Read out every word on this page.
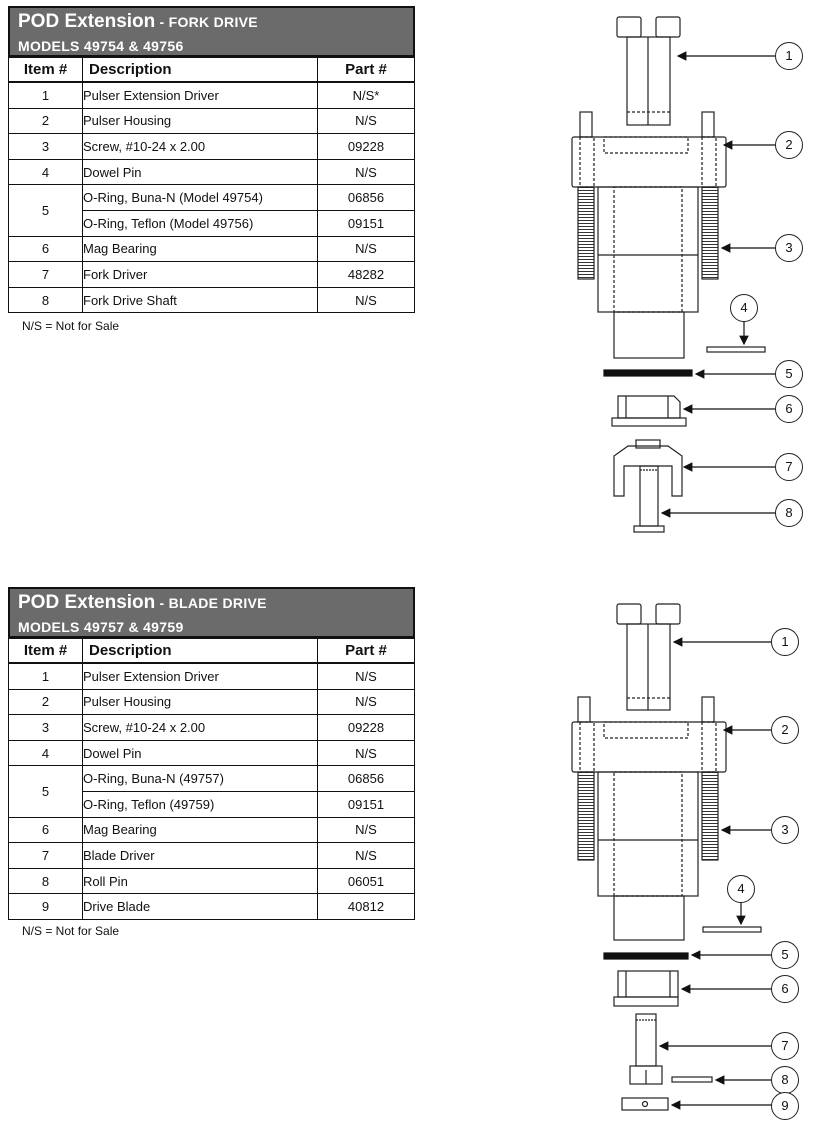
POD Extension - FORK DRIVE
MODELS 49754 & 49756
Item #	Description	Part #
1	Pulser Extension Driver	N/S*
2	Pulser Housing	N/S
3	Screw, #10-24 x 2.00	09228
4	Dowel Pin	N/S
5	O-Ring, Buna-N (Model 49754)	06856
	O-Ring, Teflon (Model 49756)	09151
6	Mag Bearing	N/S
7	Fork Driver	48282
8	Fork Drive Shaft	N/S
N/S = Not for Sale
POD Extension - BLADE DRIVE
MODELS 49757 & 49759
Item #	Description	Part #
1	Pulser Extension Driver	N/S
2	Pulser Housing	N/S
3	Screw, #10-24 x 2.00	09228
4	Dowel Pin	N/S
5	O-Ring, Buna-N (49757)	06856
	O-Ring, Teflon (49759)	09151
6	Mag Bearing	N/S
7	Blade Driver	N/S
8	Roll Pin	06051
9	Drive Blade	40812
N/S = Not for Sale
1
2
3
4
5
6
7
8
1
2
3
4
5
6
7
8
9
